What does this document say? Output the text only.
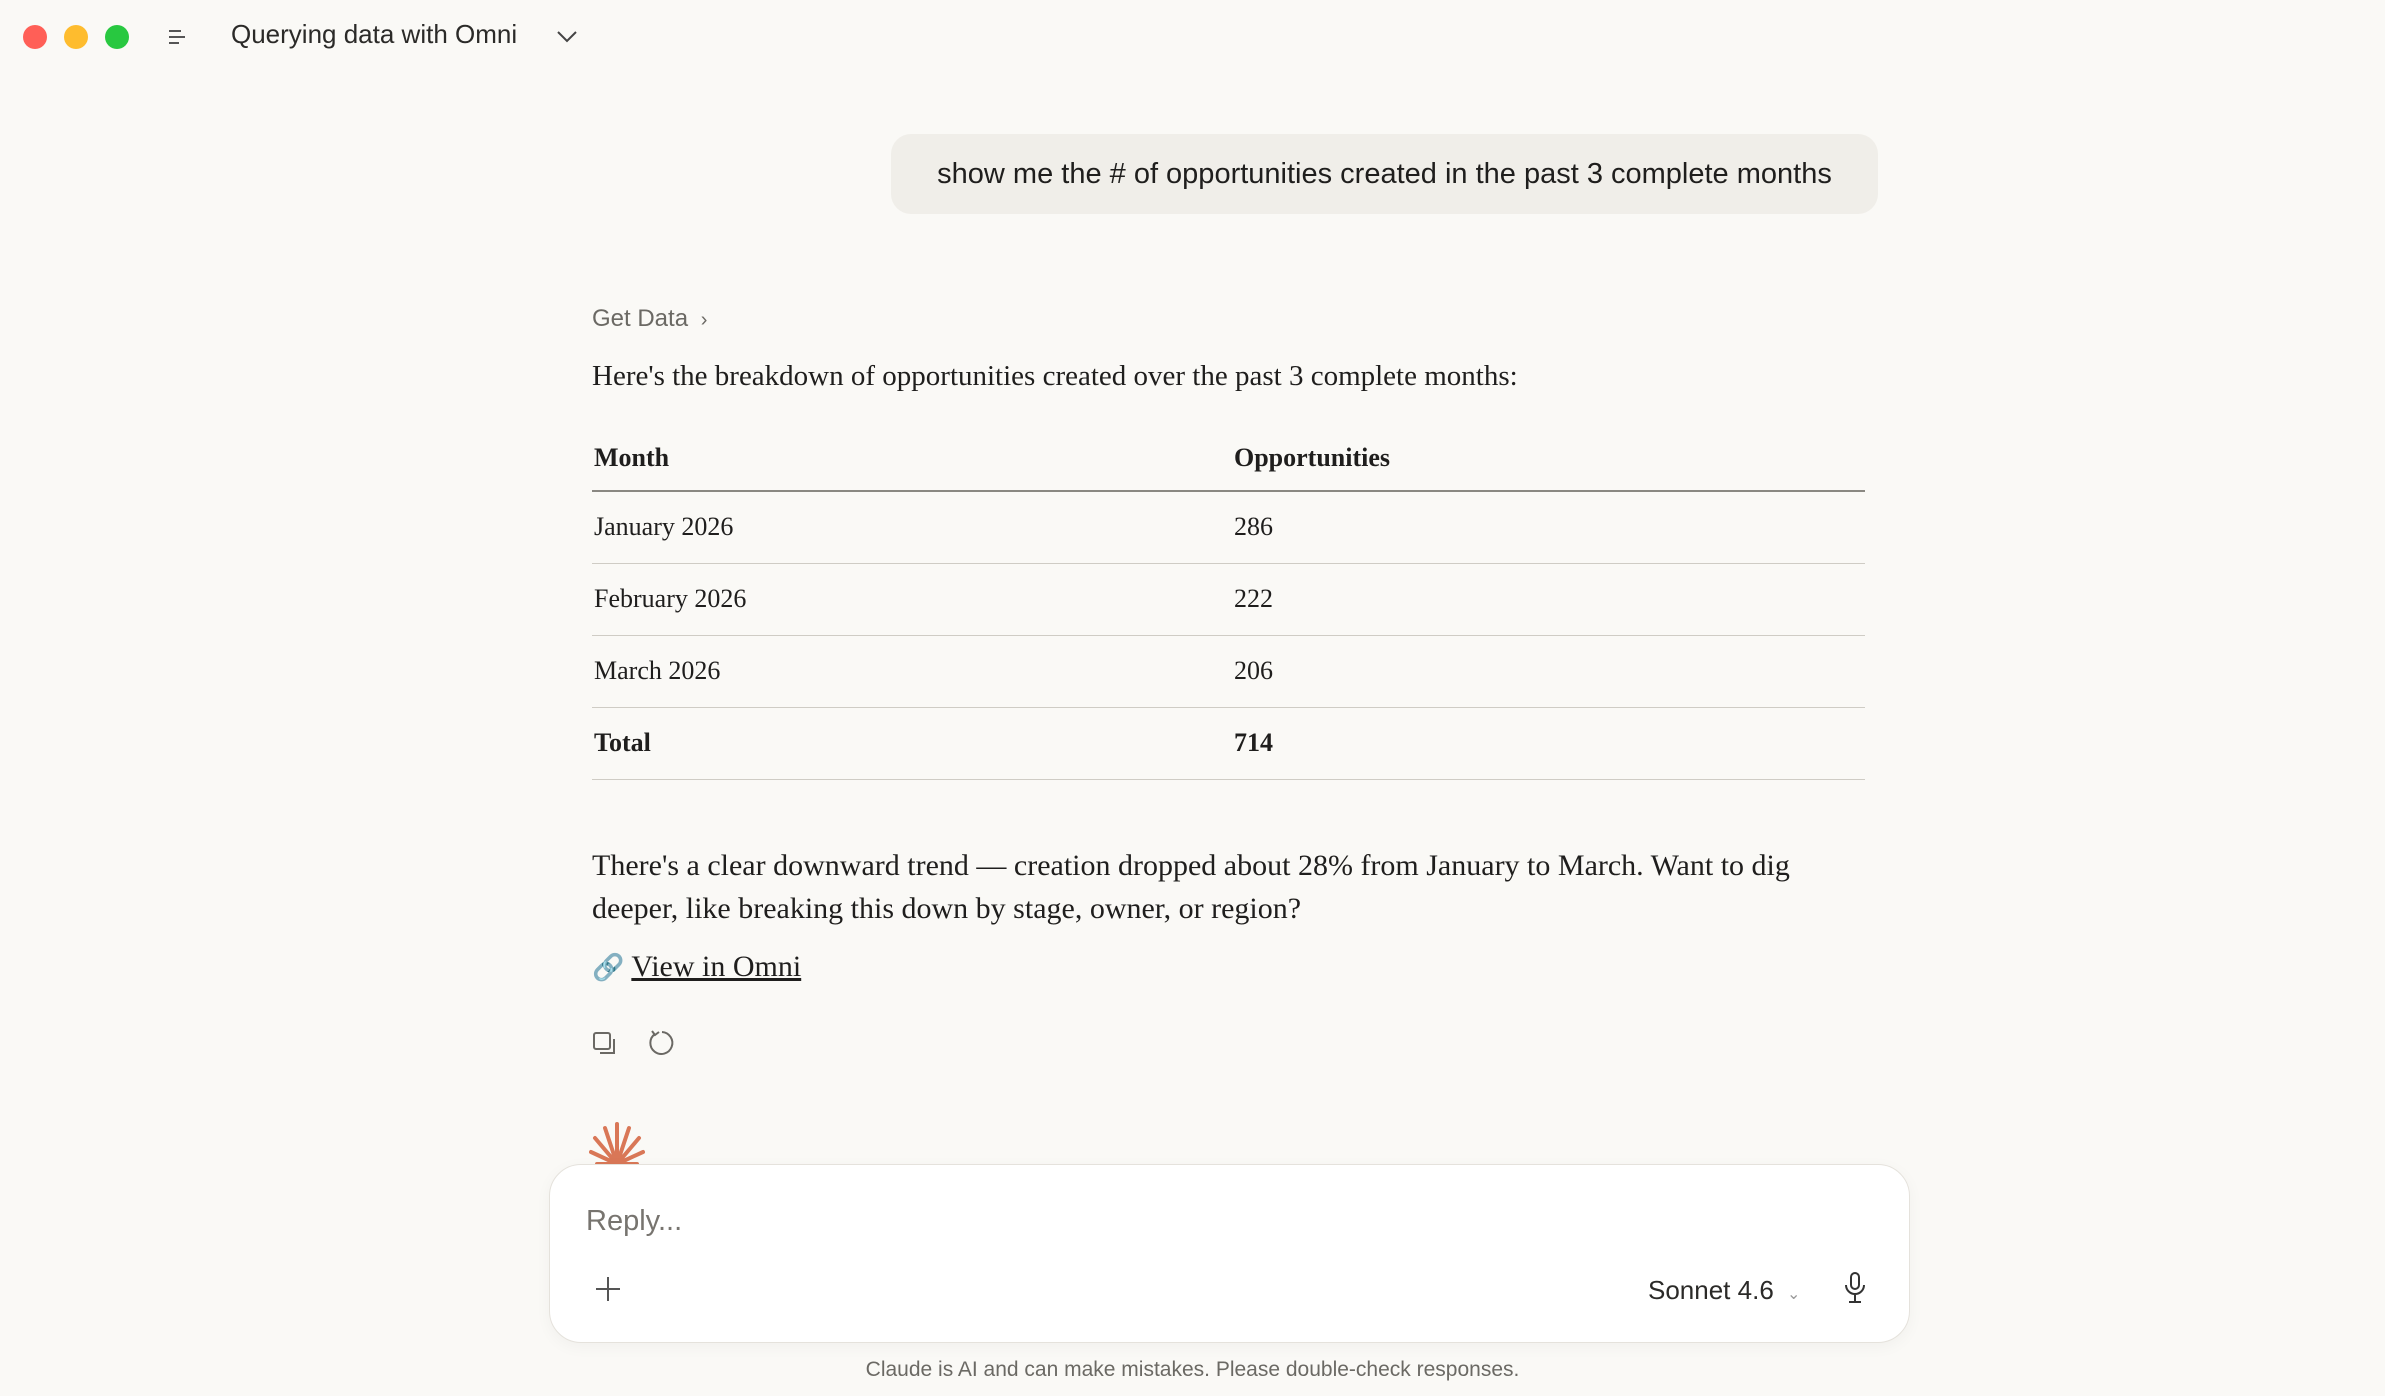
Querying data with Omni
show me the # of opportunities created in the past 3 complete months
Get Data ›
Here's the breakdown of opportunities created over the past 3 complete months:
Month	Opportunities
January 2026	286
February 2026	222
March 2026	206
Total	714
There's a clear downward trend — creation dropped about 28% from January to March. Want to dig deeper, like breaking this down by stage, owner, or region?
🔗 View in Omni
Reply...
Sonnet 4.6 ⌄
Claude is AI and can make mistakes. Please double-check responses.
